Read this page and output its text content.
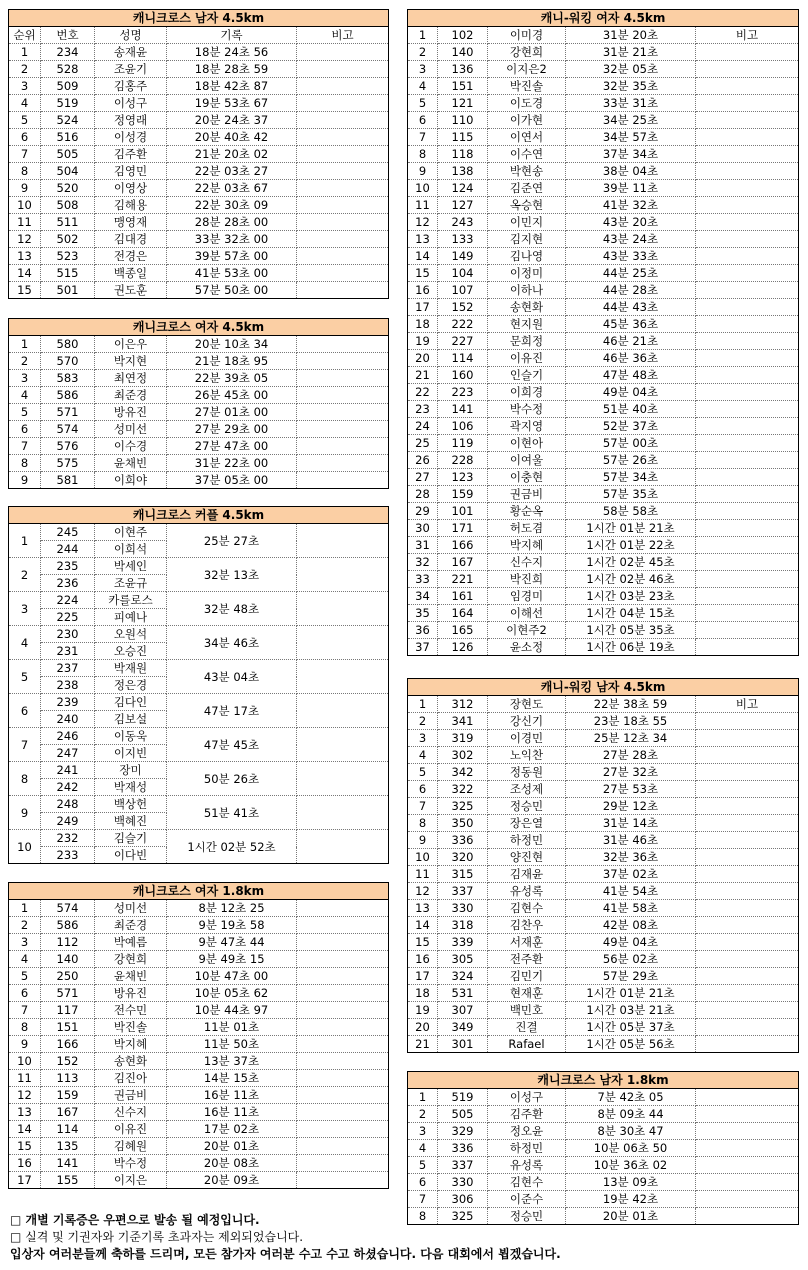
캐니크로스 남자 4.5km				
순위	번호	성명	기록	비고
1	234	송재윤	18분 24초 56	
2	528	조윤기	18분 28초 59	
3	509	김홍주	18분 42초 87	
4	519	이성구	19분 53초 67	
5	524	정영래	20분 24초 37	
6	516	이성경	20분 40초 42	
7	505	김주환	21분 20초 02	
8	504	김영민	22분 03초 27	
9	520	이영상	22분 03초 67	
10	508	김해용	22분 30초 09	
11	511	맹영재	28분 28초 00	
12	502	김대경	33분 32초 00	
13	523	전경은	39분 57초 00	
14	515	백종일	41분 53초 00	
15	501	권도훈	57분 50초 00	
캐니크로스 여자 4.5km				
1	580	이은우	20분 10초 34	
2	570	박지현	21분 18초 95	
3	583	최연정	22분 39초 05	
4	586	최준경	26분 45초 00	
5	571	방유진	27분 01초 00	
6	574	성미선	27분 29초 00	
7	576	이수경	27분 47초 00	
8	575	윤채빈	31분 22초 00	
9	581	이희야	37분 05초 00	
캐니크로스 커플 4.5km				
1	245	이현주	25분 27초	
	244	이희석		
2	235	박세인	32분 13초	
	236	조윤규		
3	224	카를로스	32분 48초	
	225	피예나		
4	230	오원석	34분 46초	
	231	오승진		
5	237	박재원	43분 04초	
	238	정은경		
6	239	김다인	47분 17초	
	240	김보설		
7	246	이동욱	47분 45초	
	247	이지빈		
8	241	장미	50분 26초	
	242	박재성		
9	248	백상헌	51분 41초	
	249	백혜진		
10	232	김슬기	1시간 02분 52초	
	233	이다빈		
캐니크로스 여자 1.8km				
1	574	성미선	8분 12초 25	
2	586	최준경	9분 19초 58	
3	112	박예름	9분 47초 44	
4	140	강현희	9분 49초 15	
5	250	윤채빈	10분 47초 00	
6	571	방유진	10분 05초 62	
7	117	전수민	10분 44초 97	
8	151	박진솔	11분 01초	
9	166	박지혜	11분 50초	
10	152	송현화	13분 37초	
11	113	김진아	14분 15초	
12	159	권금비	16분 11초	
13	167	신수지	16분 11초	
14	114	이유진	17분 02초	
15	135	김혜원	20분 01초	
16	141	박수정	20분 08초	
17	155	이지은	20분 09초	
캐니-워킹 여자 4.5km				
1	102	이미경	31분 20초	비고
2	140	강현희	31분 21초	
3	136	이지은2	32분 05초	
4	151	박진솔	32분 35초	
5	121	이도경	33분 31초	
6	110	이가현	34분 25초	
7	115	이연서	34분 57초	
8	118	이수연	37분 34초	
9	138	박현송	38분 04초	
10	124	김준연	39분 11초	
11	127	옥승현	41분 32초	
12	243	이민지	43분 20초	
13	133	김지현	43분 24초	
14	149	김나영	43분 33초	
15	104	이정미	44분 25초	
16	107	이하나	44분 28초	
17	152	송현화	44분 43초	
18	222	현지원	45분 36초	
19	227	문희정	46분 21초	
20	114	이유진	46분 36초	
21	160	인슬기	47분 48초	
22	223	이희경	49분 04초	
23	141	박수정	51분 40초	
24	106	곽지영	52분 37초	
25	119	이현아	57분 00초	
26	228	이여울	57분 26초	
27	123	이충현	57분 34초	
28	159	권금비	57분 35초	
29	101	황순옥	58분 58초	
30	171	허도겸	1시간 01분 21초	
31	166	박지혜	1시간 01분 22초	
32	167	신수지	1시간 02분 45초	
33	221	박진희	1시간 02분 46초	
34	161	임경미	1시간 03분 23초	
35	164	이해선	1시간 04분 15초	
36	165	이현주2	1시간 05분 35초	
37	126	윤소정	1시간 06분 19초	
캐니-워킹 남자 4.5km				
1	312	장현도	22분 38초 59	비고
2	341	강신기	23분 18초 55	
3	319	이경민	25분 12초 34	
4	302	노익찬	27분 28초	
5	342	정동원	27분 32초	
6	322	조성제	27분 53초	
7	325	정승민	29분 12초	
8	350	장은열	31분 14초	
9	336	하정민	31분 46초	
10	320	양진현	32분 36초	
11	315	김재윤	37분 02초	
12	337	유성록	41분 54초	
13	330	김현수	41분 58초	
14	318	김찬우	42분 08초	
15	339	서재훈	49분 04초	
16	305	전주환	56분 02초	
17	324	김민기	57분 29초	
18	531	현재훈	1시간 01분 21초	
19	307	백민호	1시간 03분 21초	
20	349	진결	1시간 05분 37초	
21	301	Rafael	1시간 05분 56초	
캐니크로스 남자 1.8km				
1	519	이성구	7분 42초 05	
2	505	김주환	8분 09초 44	
3	329	정오윤	8분 30초 47	
4	336	하정민	10분 06초 50	
5	337	유성록	10분 36초 02	
6	330	김현수	13분 09초	
7	306	이준수	19분 42초	
8	325	정승민	20분 01초	
□ 개별 기록증은 우편으로 발송 될 예정입니다.
□ 실격 및 기권자와 기준기록 초과자는 제외되었습니다.
입상자 여러분들께 축하를 드리며, 모든 참가자 여러분 수고 수고 하셨습니다. 다음 대회에서 뵙겠습니다.
